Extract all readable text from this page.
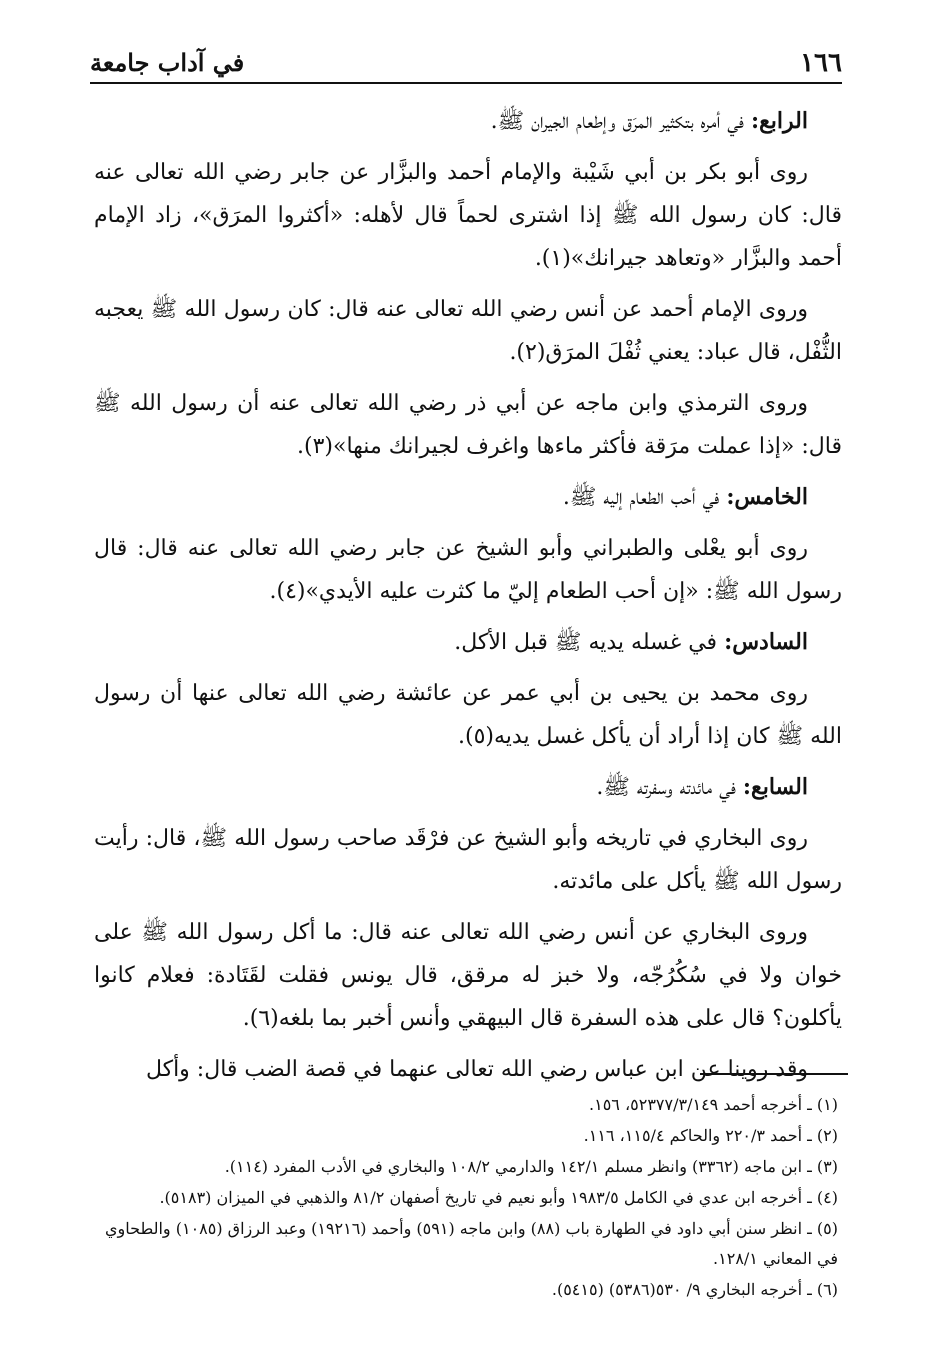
١٦٦
في آداب جامعة

الرابع: في أمره بتكثير المرَق وإطعام الجيران ﷺ.

روى أبو بكر بن أبي شَيْبة والإمام أحمد والبزَّار عن جابر رضي الله تعالى عنه قال: كان رسول الله ﷺ إذا اشترى لحماً قال لأهله: «أكثروا المرَق»، زاد الإمام أحمد والبزَّار «وتعاهد جيرانك»(١).

وروى الإمام أحمد عن أنس رضي الله تعالى عنه قال: كان رسول الله ﷺ يعجبه الثُّفْل، قال عباد: يعني ثُفْلَ المرَق(٢).

وروى الترمذي وابن ماجه عن أبي ذر رضي الله تعالى عنه أن رسول الله ﷺ قال: «إذا عملت مرَقة فأكثر ماءها واغرف لجيرانك منها»(٣).

الخامس: في أحب الطعام إليه ﷺ.

روى أبو يعْلى والطبراني وأبو الشيخ عن جابر رضي الله تعالى عنه قال: قال رسول الله ﷺ: «إن أحب الطعام إليّ ما كثرت عليه الأيدي»(٤).

السادس: في غسله يديه ﷺ قبل الأكل.

روى محمد بن يحيى بن أبي عمر عن عائشة رضي الله تعالى عنها أن رسول الله ﷺ كان إذا أراد أن يأكل غسل يديه(٥).

السابع: في مائدته وسفرته ﷺ.

روى البخاري في تاريخه وأبو الشيخ عن فرْقَد صاحب رسول الله ﷺ، قال: رأيت رسول الله ﷺ يأكل على مائدته.

وروى البخاري عن أنس رضي الله تعالى عنه قال: ما أكل رسول الله ﷺ على خوان ولا في سُكُرُجّه، ولا خبز له مرقق، قال يونس فقلت لقَتَادة: فعلام كانوا يأكلون؟ قال على هذه السفرة قال البيهقي وأنس أخبر بما بلغه(٦).

وقد روينا عن ابن عباس رضي الله تعالى عنهما في قصة الضب قال: وأكل

(١) ـ أخرجه أحمد ٥٢٣٧٧/٣/١٤٩، ١٥٦.

(٢) ـ أحمد ٢٢٠/٣ والحاكم ١١٥/٤، ١١٦.

(٣) ـ ابن ماجه (٣٣٦٢) وانظر مسلم ١٤٢/١ والدارمي ١٠٨/٢ والبخاري في الأدب المفرد (١١٤).

(٤) ـ أخرجه ابن عدي في الكامل ١٩٨٣/٥ وأبو نعيم في تاريخ أصفهان ٨١/٢ والذهبي في الميزان (٥١٨٣).

(٥) ـ انظر سنن أبي داود في الطهارة باب (٨٨) وابن ماجه (٥٩١) وأحمد (١٩٢١٦) وعبد الرزاق (١٠٨٥) والطحاوي في المعاني ١٢٨/١.

(٦) ـ أخرجه البخاري ٩/ ٥٣٠(٥٣٨٦) (٥٤١٥).
